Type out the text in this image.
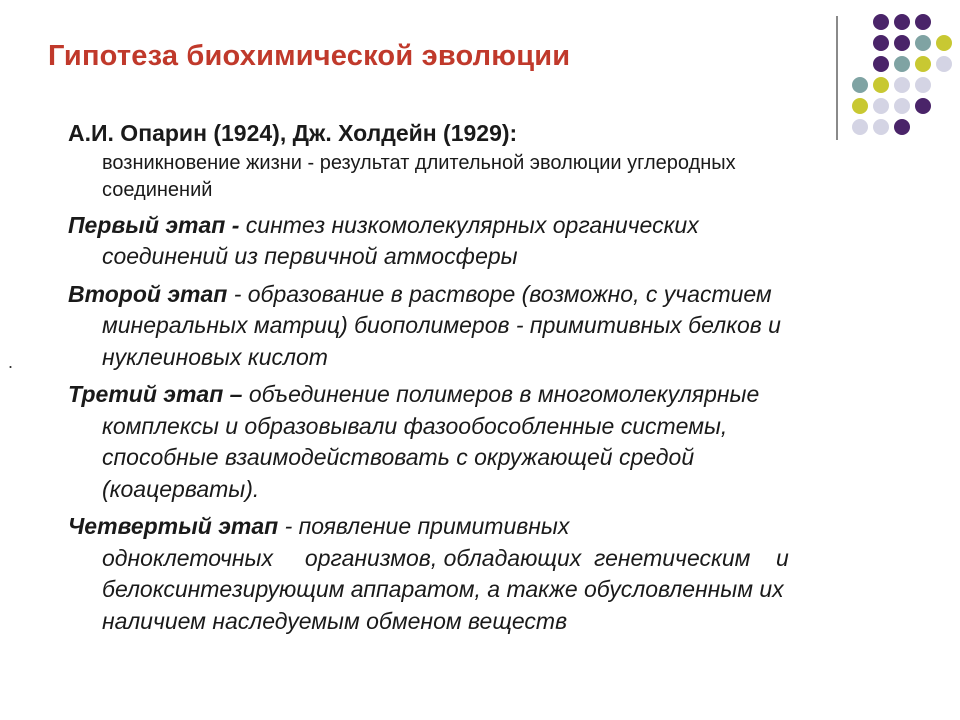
Гипотеза биохимической эволюции
.
А.И. Опарин (1924), Дж. Холдейн (1929):
возникновение жизни - результат длительной эволюции углеродных
соединений
Первый этап - синтез низкомолекулярных органических
соединений из первичной атмосферы
Второй этап - образование в растворе (возможно, с участием
минеральных матриц) биополимеров - примитивных белков и
нуклеиновых кислот
Третий этап – объединение полимеров в многомолекулярные
комплексы и образовывали фазообособленные системы,
способные взаимодействовать с окружающей средой
(коацерваты).
Четвертый этап - появление примитивных
одноклеточных     организмов, обладающих  генетическим    и
белоксинтезирующим аппаратом, а также обусловленным их
наличием наследуемым обменом веществ
